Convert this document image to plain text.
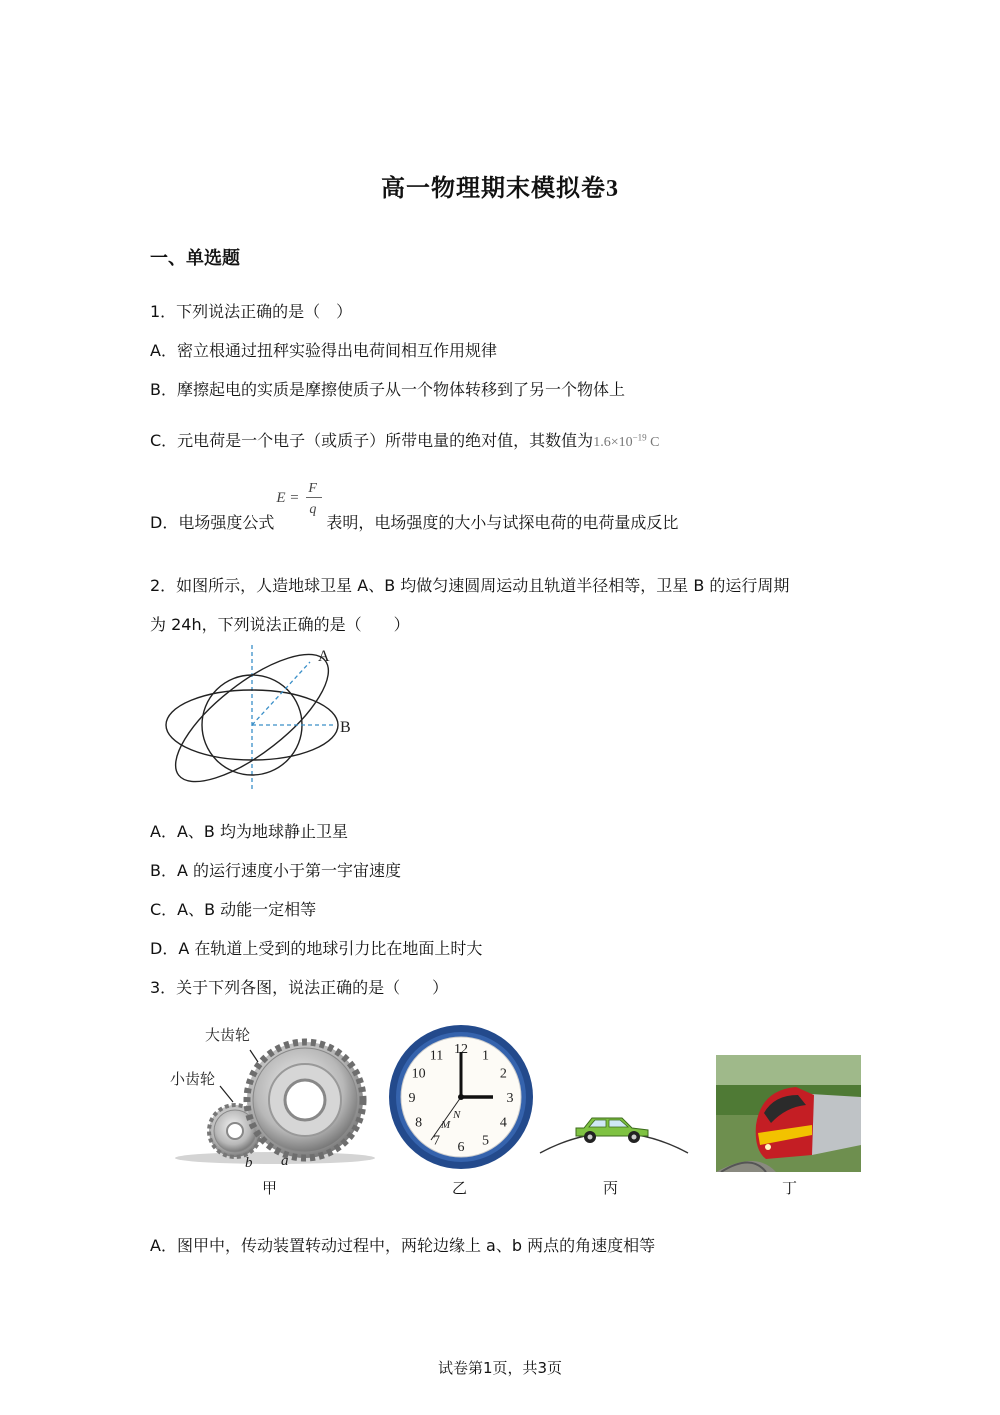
高一物理期末模拟卷3
一、单选题
1．下列说法正确的是（　）
A．密立根通过扭秤实验得出电荷间相互作用规律
B．摩擦起电的实质是摩擦使质子从一个物体转移到了另一个物体上
C．元电荷是一个电子（或质子）所带电量的绝对值，其数值为$1.6\times 10^{-19}$ C
D．电场强度公式
E =
F
q
表明，电场强度的大小与试探电荷的电荷量成反比
2．如图所示，人造地球卫星 A、B 均做匀速圆周运动且轨道半径相等，卫星 B 的运行周期
为 24h，下列说法正确的是（　　）
A
B
A．A、B 均为地球静止卫星
B．A 的运行速度小于第一宇宙速度
C．A、B 动能一定相等
D．A 在轨道上受到的地球引力比在地面上时大
3．关于下列各图，说法正确的是（　　）
大齿轮
小齿轮
b a
12 1
2
3
4
5
6
7
8
9
10
11
N
M
甲	乙	丙	丁
A．图甲中，传动装置转动过程中，两轮边缘上 a、b 两点的角速度相等
试卷第1页，共3页
